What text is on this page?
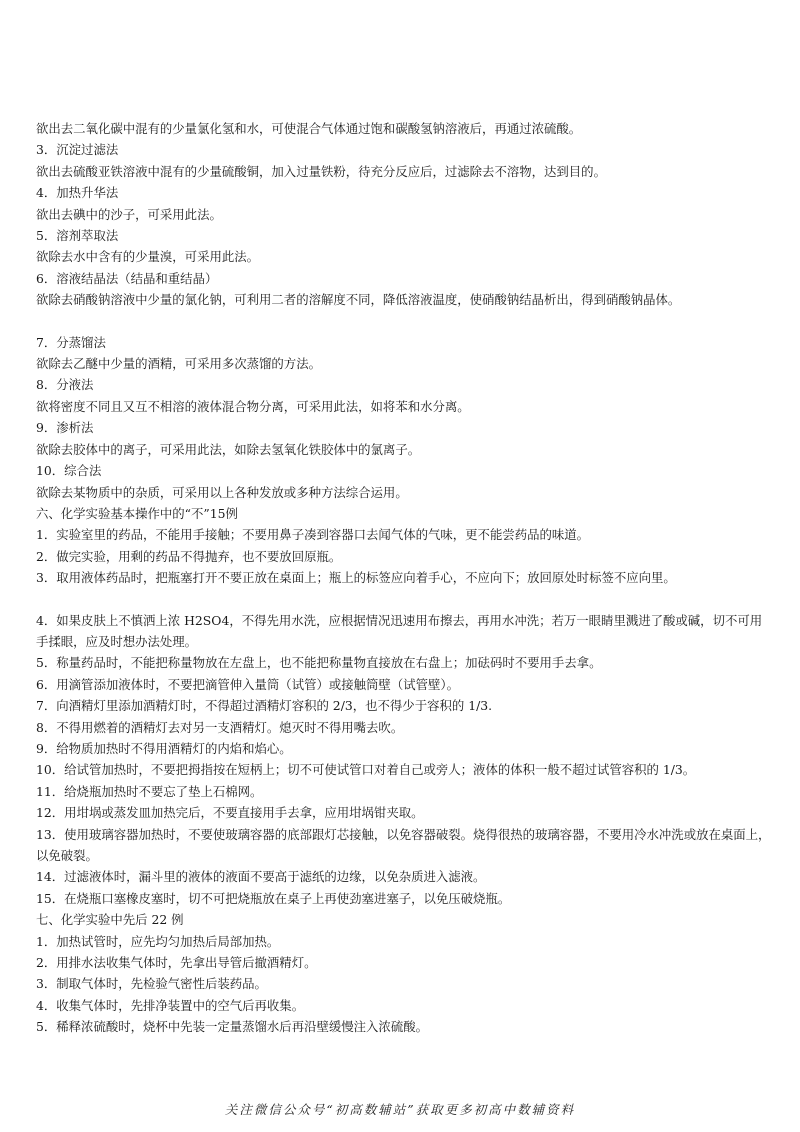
欲出去二氧化碳中混有的少量氯化氢和水，可使混合气体通过饱和碳酸氢钠溶液后，再通过浓硫酸。

3．沉淀过滤法

欲出去硫酸亚铁溶液中混有的少量硫酸铜，加入过量铁粉，待充分反应后，过滤除去不溶物，达到目的。

4．加热升华法

欲出去碘中的沙子，可采用此法。

5．溶剂萃取法

欲除去水中含有的少量溴，可采用此法。

6．溶液结晶法（结晶和重结晶）

欲除去硝酸钠溶液中少量的氯化钠，可利用二者的溶解度不同，降低溶液温度，使硝酸钠结晶析出，得到硝酸钠晶体。

7．分蒸馏法

欲除去乙醚中少量的酒精，可采用多次蒸馏的方法。

8．分液法

欲将密度不同且又互不相溶的液体混合物分离，可采用此法，如将苯和水分离。

9．渗析法

欲除去胶体中的离子，可采用此法，如除去氢氧化铁胶体中的氯离子。

10．综合法

欲除去某物质中的杂质，可采用以上各种发放或多种方法综合运用。

六、化学实验基本操作中的“不”15例

1．实验室里的药品，不能用手接触；不要用鼻子凑到容器口去闻气体的气味，更不能尝药品的味道。

2．做完实验，用剩的药品不得抛弃，也不要放回原瓶。

3．取用液体药品时，把瓶塞打开不要正放在桌面上；瓶上的标签应向着手心，不应向下；放回原处时标签不应向里。

4．如果皮肤上不慎洒上浓 H2SO4，不得先用水洗，应根据情况迅速用布擦去，再用水冲洗；若万一眼睛里溅进了酸或碱，切不可用手揉眼，应及时想办法处理。

5．称量药品时，不能把称量物放在左盘上，也不能把称量物直接放在右盘上；加砝码时不要用手去拿。

6．用滴管添加液体时，不要把滴管伸入量筒（试管）或接触筒壁（试管壁）。

7．向酒精灯里添加酒精灯时，不得超过酒精灯容积的 2/3，也不得少于容积的 1/3.

8．不得用燃着的酒精灯去对另一支酒精灯。熄灭时不得用嘴去吹。

9．给物质加热时不得用酒精灯的内焰和焰心。

10．给试管加热时，不要把拇指按在短柄上；切不可使试管口对着自己或旁人；液体的体积一般不超过试管容积的 1/3。

11．给烧瓶加热时不要忘了垫上石棉网。

12．用坩埚或蒸发皿加热完后，不要直接用手去拿，应用坩埚钳夹取。

13．使用玻璃容器加热时，不要使玻璃容器的底部跟灯芯接触，以免容器破裂。烧得很热的玻璃容器，不要用冷水冲洗或放在桌面上，以免破裂。

14．过滤液体时，漏斗里的液体的液面不要高于滤纸的边缘，以免杂质进入滤液。

15．在烧瓶口塞橡皮塞时，切不可把烧瓶放在桌子上再使劲塞进塞子，以免压破烧瓶。

七、化学实验中先后 22 例

1．加热试管时，应先均匀加热后局部加热。

2．用排水法收集气体时，先拿出导管后撤酒精灯。

3．制取气体时，先检验气密性后装药品。

4．收集气体时，先排净装置中的空气后再收集。

5．稀释浓硫酸时，烧杯中先装一定量蒸馏水后再沿壁缓慢注入浓硫酸。

关注微信公众号“初高数辅站”获取更多初高中数辅资料
